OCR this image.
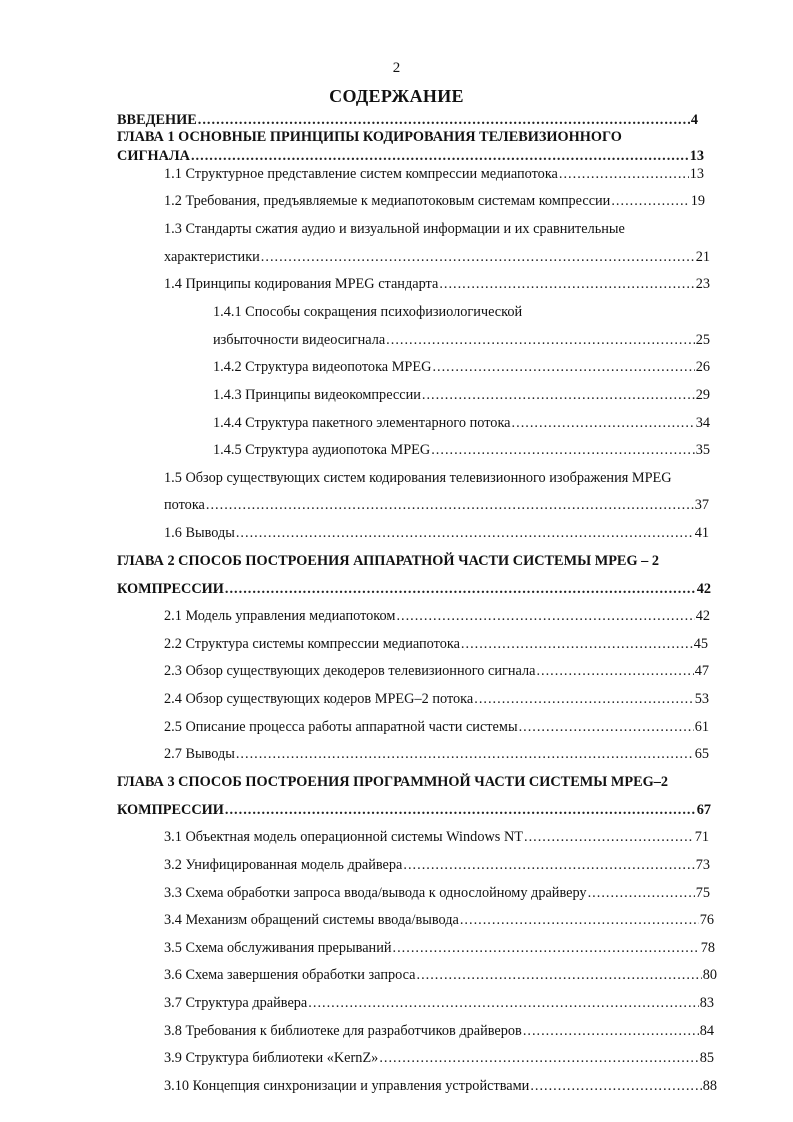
2
СОДЕРЖАНИЕ
ВВЕДЕНИЕ .....	4
ГЛАВА 1 ОСНОВНЫЕ ПРИНЦИПЫ КОДИРОВАНИЯ ТЕЛЕВИЗИОННОГО
СИГНАЛА .....	13
1.1 Структурное представление систем компрессии медиапотока .....	13
1.2 Требования, предъявляемые к медиапотоковым системам компрессии .....	19
1.3 Стандарты сжатия аудио и визуальной информации и их сравнительные
характеристики .....	21
1.4 Принципы кодирования MPEG стандарта .....	23
1.4.1 Способы сокращения психофизиологической
избыточности видеосигнала .....	25
1.4.2 Структура видеопотока MPEG .....	26
1.4.3 Принципы видеокомпрессии .....	29
1.4.4 Структура пакетного элементарного потока .....	34
1.4.5 Структура аудиопотока MPEG .....	35
1.5 Обзор существующих систем кодирования телевизионного изображения MPEG
потока .....	37
1.6 Выводы .....	41
ГЛАВА 2 СПОСОБ ПОСТРОЕНИЯ АППАРАТНОЙ ЧАСТИ СИСТЕМЫ MPEG – 2
КОМПРЕССИИ .....	42
2.1 Модель управления медиапотоком .....	42
2.2 Структура системы компрессии медиапотока .....	45
2.3 Обзор существующих декодеров телевизионного сигнала .....	47
2.4 Обзор существующих кодеров MPEG–2 потока .....	53
2.5 Описание процесса работы аппаратной части системы .....	61
2.7 Выводы .....	65
ГЛАВА 3 СПОСОБ ПОСТРОЕНИЯ ПРОГРАММНОЙ ЧАСТИ СИСТЕМЫ MPEG–2
КОМПРЕССИИ .....	67
3.1 Объектная модель операционной системы Windows NT .....	71
3.2 Унифицированная модель драйвера .....	73
3.3 Схема обработки запроса ввода/вывода к однослойному драйверу .....	75
3.4 Механизм обращений системы ввода/вывода .....	76
3.5 Схема обслуживания прерываний .....	78
3.6 Схема завершения обработки запроса .....	80
3.7 Структура драйвера .....	83
3.8 Требования к библиотеке для разработчиков драйверов .....	84
3.9 Структура библиотеки «KernZ» .....	85
3.10 Концепция синхронизации и управления устройствами .....	88
